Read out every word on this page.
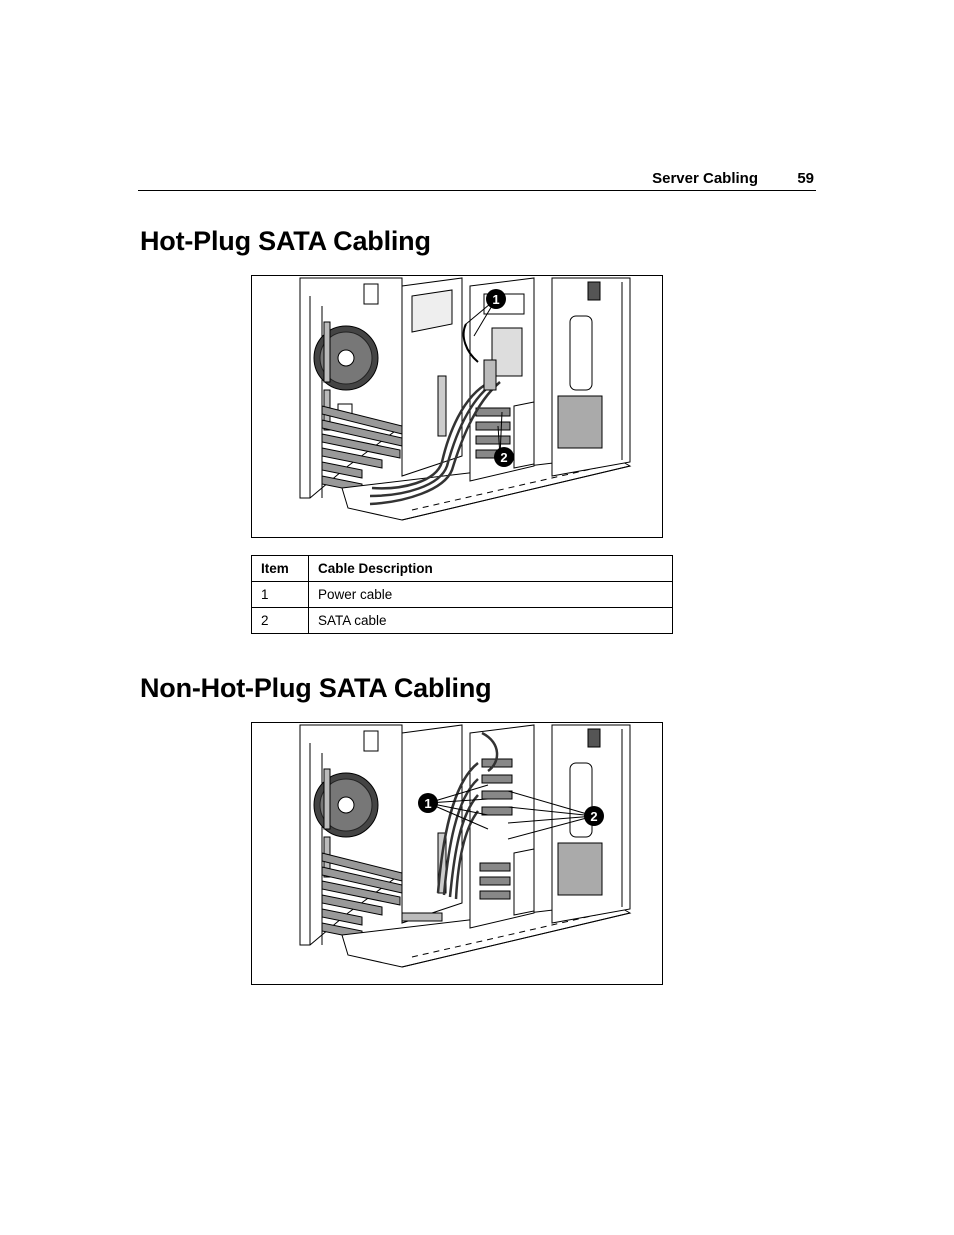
Server Cabling	59
Hot-Plug SATA Cabling
1
2
Item	Cable Description
1	Power cable
2	SATA cable
Non-Hot-Plug SATA Cabling
1
2
